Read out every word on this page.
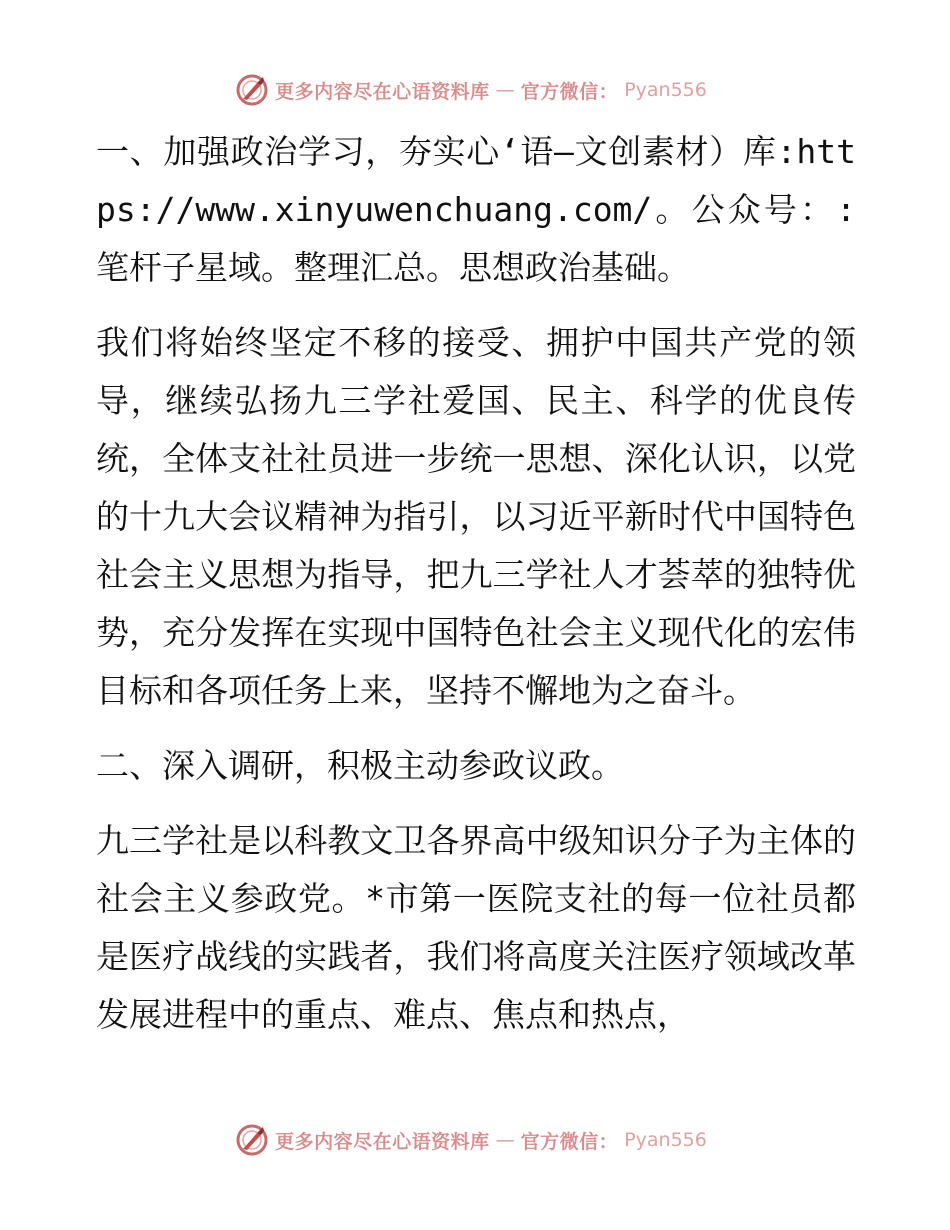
更多内容尽在心语资料库 — 官方微信： Pyan556

一、加强政治学习，夯实心‘语—文创素材）库:https://www.xinyuwenchuang.com/。公众号：:笔杆子星域。整理汇总。思想政治基础。

我们将始终坚定不移的接受、拥护中国共产党的领导，继续弘扬九三学社爱国、民主、科学的优良传统，全体支社社员进一步统一思想、深化认识，以党的十九大会议精神为指引，以习近平新时代中国特色社会主义思想为指导，把九三学社人才荟萃的独特优势，充分发挥在实现中国特色社会主义现代化的宏伟目标和各项任务上来，坚持不懈地为之奋斗。

二、深入调研，积极主动参政议政。

九三学社是以科教文卫各界高中级知识分子为主体的社会主义参政党。*市第一医院支社的每一位社员都是医疗战线的实践者，我们将高度关注医疗领域改革发展进程中的重点、难点、焦点和热点，

更多内容尽在心语资料库 — 官方微信： Pyan556
